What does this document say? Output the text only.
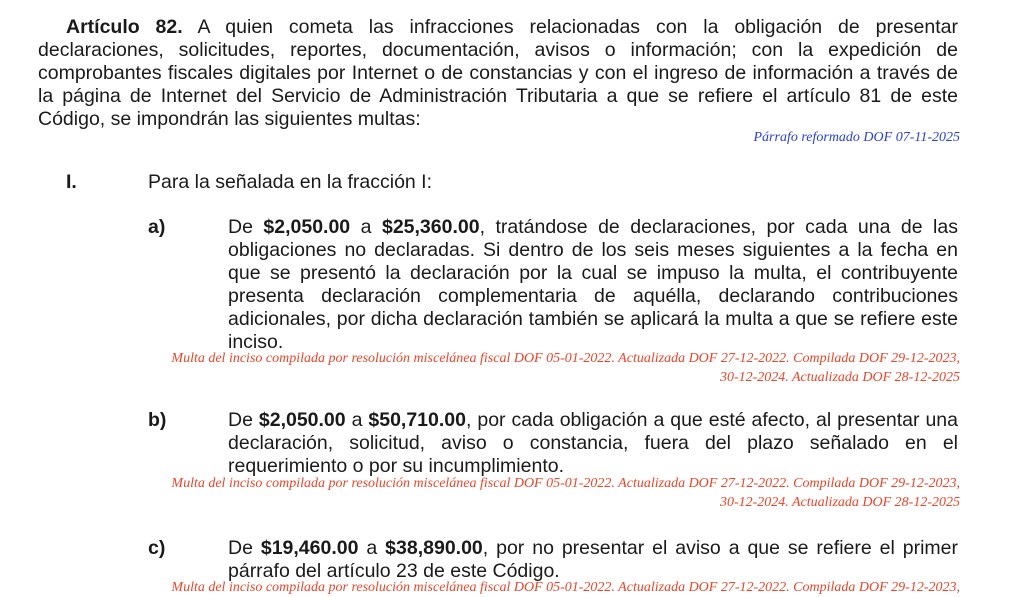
Artículo 82. A quien cometa las infracciones relacionadas con la obligación de presentar
declaraciones, solicitudes, reportes, documentación, avisos o información; con la expedición de
comprobantes fiscales digitales por Internet o de constancias y con el ingreso de información a través de
la página de Internet del Servicio de Administración Tributaria a que se refiere el artículo 81 de este
Código, se impondrán las siguientes multas:
Párrafo reformado DOF 07-11-2025
I.	Para la señalada en la fracción I:
a)	De $2,050.00 a $25,360.00, tratándose de declaraciones, por cada una de las
obligaciones no declaradas. Si dentro de los seis meses siguientes a la fecha en
que se presentó la declaración por la cual se impuso la multa, el contribuyente
presenta declaración complementaria de aquélla, declarando contribuciones
adicionales, por dicha declaración también se aplicará la multa a que se refiere este
inciso.
Multa del inciso compilada por resolución miscelánea fiscal DOF 05-01-2022. Actualizada DOF 27-12-2022. Compilada DOF 29-12-2023,
30-12-2024. Actualizada DOF 28-12-2025
b)	De $2,050.00 a $50,710.00, por cada obligación a que esté afecto, al presentar una
declaración, solicitud, aviso o constancia, fuera del plazo señalado en el
requerimiento o por su incumplimiento.
Multa del inciso compilada por resolución miscelánea fiscal DOF 05-01-2022. Actualizada DOF 27-12-2022. Compilada DOF 29-12-2023,
30-12-2024. Actualizada DOF 28-12-2025
c)	De $19,460.00 a $38,890.00, por no presentar el aviso a que se refiere el primer
párrafo del artículo 23 de este Código.
Multa del inciso compilada por resolución miscelánea fiscal DOF 05-01-2022. Actualizada DOF 27-12-2022. Compilada DOF 29-12-2023,
